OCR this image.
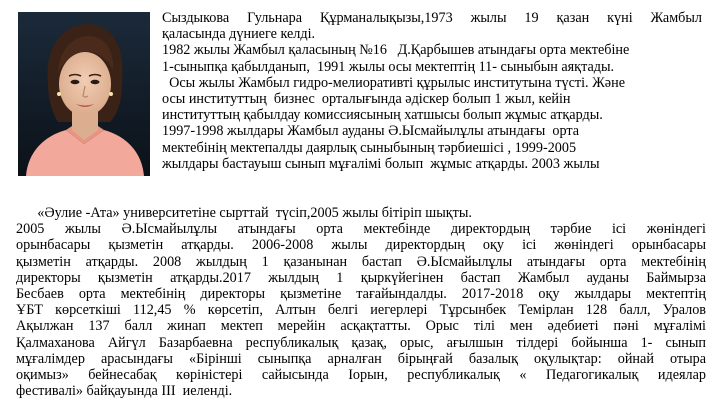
Сыздыкова Гульнара Құрманалықызы,1973 жылы 19 қазан күні Жамбыл
қаласында дүниеге келді.
1982 жылы Жамбыл қаласының №16   Д.Қарбышев атындағы орта мектебіне
1-сыныпқа қабылданып,  1991 жылы осы мектептің 11- сыныбын аяқтады.
Осы жылы Жамбыл гидро-мелиоративті құрылыс институтына түсті. Және
осы институттың  бизнес  орталығында әдіскер болып 1 жыл, кейін
институттың қабылдау комиссиясының хатшысы болып жұмыс атқарды.
1997-1998 жылдары Жамбыл ауданы Ә.Ысмайылұлы атындағы  орта
мектебінің мектепалды даярлық сыныбының тәрбиешісі , 1999-2005
жылдары бастауыш сынып мұғалімі болып  жұмыс атқарды. 2003 жылы
«Әулие -Ата» университетіне сырттай  түсіп,2005 жылы бітіріп шықты.
2005 жылы Ә.Ысмайылұлы атындағы орта мектебінде директордың тәрбие ісі жөніндегі
орынбасары қызметін атқарды. 2006-2008 жылы директордың оқу ісі жөніндегі орынбасары
қызметін атқарды. 2008 жылдың 1 қазанынан бастап Ә.Ысмайылұлы атындағы орта мектебінің
директоры қызметін атқарды.2017 жылдың 1 қыркүйегінен бастап Жамбыл ауданы Баймырза
Бесбаев орта мектебінің директоры қызметіне тағайындалды. 2017-2018 оқу жылдары мектептің
ҰБТ көрсеткіші 112,45 % көрсетіп, Алтын белгі иегерлері Тұрсынбек Темірлан 128 балл, Уралов
Ақылжан 137 балл жинап мектеп мерейін асқақтатты. Орыс тілі мен әдебиеті пәні мұғалімі
Қалмаханова Айгүл Базарбаевна республикалық қазақ, орыс, ағылшын тілдері бойынша 1- сынып
мұғалімдер арасындағы «Бірінші сыныпқа арналған бірыңғай базалық оқулықтар: ойнай отыра
оқимыз» бейнесабақ көріністері сайысында Іорын, республикалық « Педагогикалық идеялар
фестивалі» байқауында ІІІ  иеленді.
